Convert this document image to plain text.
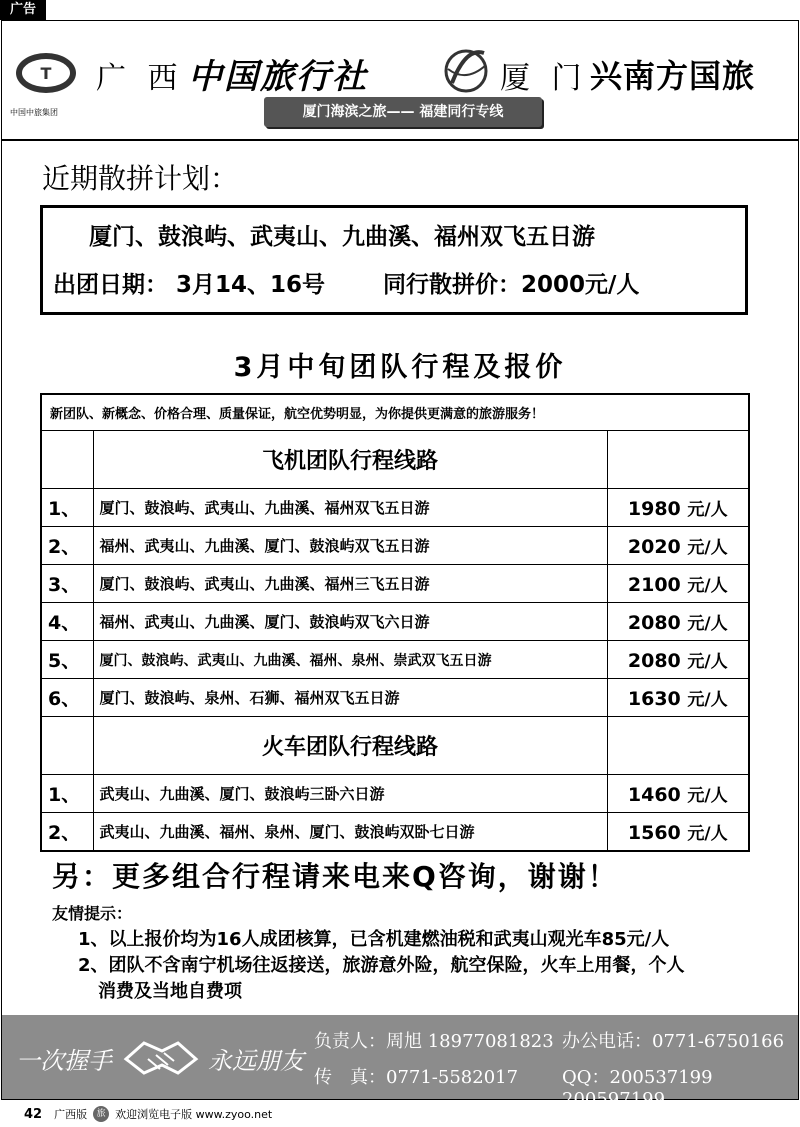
广告
T
中国中旅集团
广 西 中国旅行社	厦 门 兴南方国旅
厦门海滨之旅—— 福建同行专线
近期散拼计划：
厦门、鼓浪屿、武夷山、九曲溪、福州双飞五日游
出团日期： 3月14、16号	同行散拼价：2000元/人
3月中旬团队行程及报价
新团队、新概念、价格合理、质量保证，航空优势明显，为你提供更满意的旅游服务！		
	飞机团队行程线路	
1、	厦门、鼓浪屿、武夷山、九曲溪、福州双飞五日游	1980 元/人
2、	福州、武夷山、九曲溪、厦门、鼓浪屿双飞五日游	2020 元/人
3、	厦门、鼓浪屿、武夷山、九曲溪、福州三飞五日游	2100 元/人
4、	福州、武夷山、九曲溪、厦门、鼓浪屿双飞六日游	2080 元/人
5、	厦门、鼓浪屿、武夷山、九曲溪、福州、泉州、崇武双飞五日游	2080 元/人
6、	厦门、鼓浪屿、泉州、石狮、福州双飞五日游	1630 元/人
	火车团队行程线路	
1、	武夷山、九曲溪、厦门、鼓浪屿三卧六日游	1460 元/人
2、	武夷山、九曲溪、福州、泉州、厦门、鼓浪屿双卧七日游	1560 元/人
另：更多组合行程请来电来Q咨询，谢谢！
友情提示：
1、以上报价均为16人成团核算，已含机建燃油税和武夷山观光车85元/人
2、团队不含南宁机场往返接送，旅游意外险，航空保险，火车上用餐，个人
消费及当地自费项
一次握手	永远朋友
负责人：周旭 18977081823 办公电话：0771-6750166
传　真：0771-5582017 QQ：200537199 200597199
42 广西版	旅 欢迎浏览电子版 www.zyoo.net
